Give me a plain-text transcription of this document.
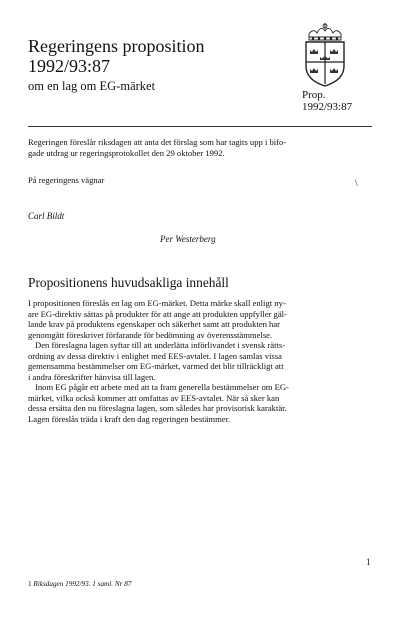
Regeringens proposition
1992/93:87
om en lag om EG-märket
Prop.
1992/93:87
Regeringen föreslår riksdagen att anta det förslag som har tagits upp i bifo-
gade utdrag ur regeringsprotokollet den 29 oktober 1992.
På regeringens vägnar	\
Carl Bildt
Per Westerberg
Propositionens huvudsakliga innehåll
I propositionen föreslås en lag om EG-märket. Detta märke skall enligt ny-
are EG-direktiv sättas på produkter för att ange att produkten uppfyller gäl-
lande krav på produktens egenskaper och säkerhet samt att produkten har
genomgått föreskrivet förfarande för bedömning av överensstämmelse.
Den föreslagna lagen syftar till att underlätta införlivandet i svensk rätts-
ordning av dessa direktiv i enlighet med EES-avtalet. I lagen samlas vissa
gemensamma bestämmelser om EG-märket, varmed det blir tillräckligt att
i andra föreskrifter hänvisa till lagen.
Inom EG pågår ett arbete med att ta fram generella bestämmelser om EG-
märket, vilka också kommer att omfattas av EES-avtalet. När så sker kan
dessa ersätta den nu föreslagna lagen, som således har provisorisk karaktär.
Lagen föreslås träda i kraft den dag regeringen bestämmer.
1
1 Riksdagen 1992/93. 1 saml. Nr 87
